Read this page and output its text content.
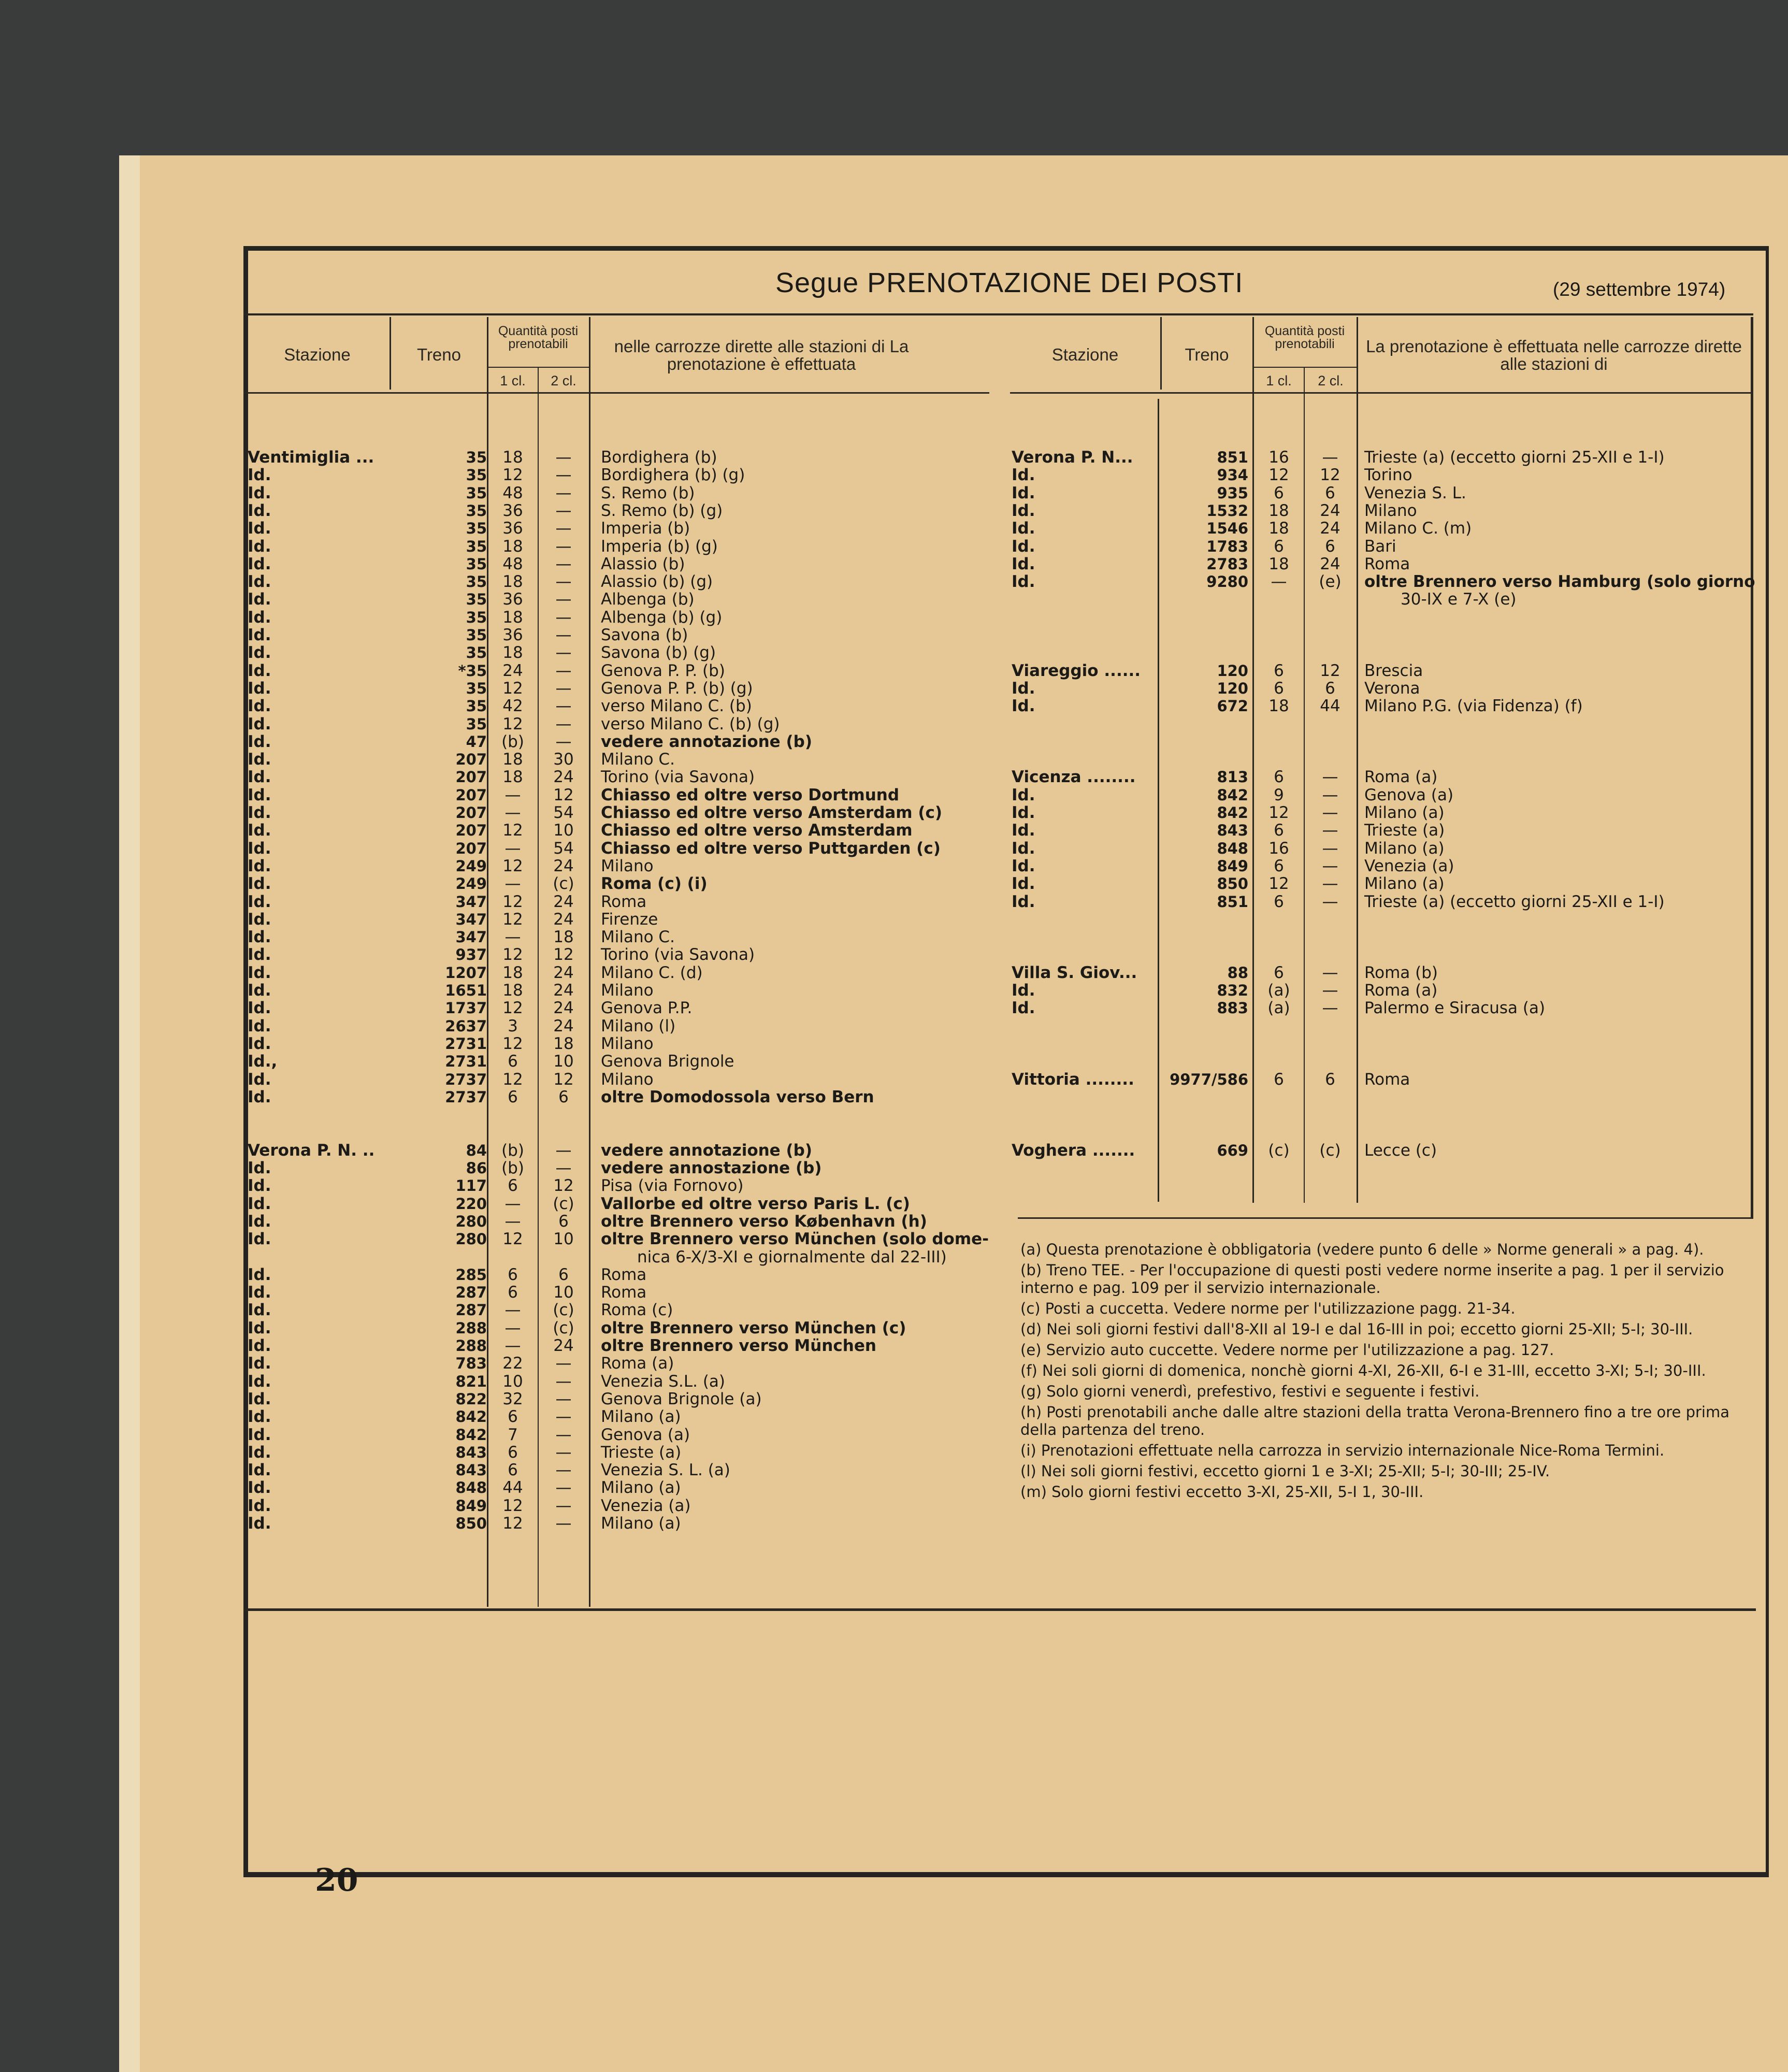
Segue PRENOTAZIONE DEI POSTI	(29 settembre 1974)
Stazione	Treno
Quantità posti prenotabili
1 cl.	2 cl.
nelle carrozze dirette alle stazioni di La prenotazione è effettuata	Stazione	Treno
Quantità posti prenotabili
1 cl.	2 cl.
La prenotazione è effettuata nelle carrozze dirette alle stazioni di
Ventimiglia ...	35 18	—	Bordighera (b)
Id.	35 12	—	Bordighera (b) (g)
Id.	35 48	—	S. Remo (b)
Id.	35 36	—	S. Remo (b) (g)
Id.	35 36	—	Imperia (b)
Id.	35 18	—	Imperia (b) (g)
Id.	35 48	—	Alassio (b)
Id.	35 18	—	Alassio (b) (g)
Id.	35 36	—	Albenga (b)
Id.	35 18	—	Albenga (b) (g)
Id.	35 36	—	Savona (b)
Id.	35 18	—	Savona (b) (g)
Id.	*35 24	—	Genova P. P. (b)
Id.	35 12	—	Genova P. P. (b) (g)
Id.	35 42	—	verso Milano C. (b)
Id.	35 12	—	verso Milano C. (b) (g)
Id.	47 (b)	—	vedere annotazione (b)
Id.	207 18	30	Milano C.
Id.	207 18	24	Torino (via Savona)
Id.	207	—	12	Chiasso ed oltre verso Dortmund
Id.	207	—	54	Chiasso ed oltre verso Amsterdam (c)
Id.	207 12	10	Chiasso ed oltre verso Amsterdam
Id.	207	—	54	Chiasso ed oltre verso Puttgarden (c)
Id.	249 12	24	Milano
Id.	249	—	(c)	Roma (c) (i)
Id.	347 12	24	Roma
Id.	347 12	24	Firenze
Id.	347	—	18	Milano C.
Id.	937 12	12	Torino (via Savona)
Id.	1207 18	24	Milano C. (d)
Id.	1651 18	24	Milano
Id.	1737 12	24	Genova P.P.
Id.	2637	3	24	Milano (l)
Id.	2731 12	18	Milano
Id.,	2731	6	10	Genova Brignole
Id.	2737 12	12	Milano
Id.	2737	6	6	oltre Domodossola verso Bern
Verona P. N. ..	84 (b)	—	vedere annotazione (b)
Id.	86 (b)	—	vedere annostazione (b)
Id.	117	6	12	Pisa (via Fornovo)
Id.	220	—	(c)	Vallorbe ed oltre verso Paris L. (c)
Id.	280	—	6	oltre Brennero verso København (h)
Id.	280 12	10	oltre Brennero verso München (solo dome-
nica 6-X/3-XI e giornalmente dal 22-III)
Id.	285	6	6	Roma
Id.	287	6	10	Roma
Id.	287	—	(c)	Roma (c)
Id.	288	—	(c)	oltre Brennero verso München (c)
Id.	288	—	24	oltre Brennero verso München
Id.	783 22	—	Roma (a)
Id.	821 10	—	Venezia S.L. (a)
Id.	822 32	—	Genova Brignole (a)
Id.	842	6	—	Milano (a)
Id.	842	7	—	Genova (a)
Id.	843	6	—	Trieste (a)
Id.	843	6	—	Venezia S. L. (a)
Id.	848 44	—	Milano (a)
Id.	849 12	—	Venezia (a)
Id.	850 12	—	Milano (a)
Verona P. N...	851	16	—	Trieste (a) (eccetto giorni 25-XII e 1-I)
Id.	934	12	12	Torino
Id.	935	6	6	Venezia S. L.
Id.	1532	18	24	Milano
Id.	1546	18	24	Milano C. (m)
Id.	1783	6	6	Bari
Id.	2783	18	24	Roma
Id.	9280	—	(e)	oltre Brennero verso Hamburg (solo giorno
30-IX e 7-X (e)
Viareggio ......	120	6	12	Brescia
Id.	120	6	6	Verona
Id.	672	18	44	Milano P.G. (via Fidenza) (f)
Vicenza ........	813	6	—	Roma (a)
Id.	842	9	—	Genova (a)
Id.	842	12	—	Milano (a)
Id.	843	6	—	Trieste (a)
Id.	848	16	—	Milano (a)
Id.	849	6	—	Venezia (a)
Id.	850	12	—	Milano (a)
Id.	851	6	—	Trieste (a) (eccetto giorni 25-XII e 1-I)
Villa S. Giov...	88	6	—	Roma (b)
Id.	832	(a)	—	Roma (a)
Id.	883	(a)	—	Palermo e Siracusa (a)
Vittoria ........ 9977/586	6	6	Roma
Voghera .......	669	(c)	(c)	Lecce (c)
(a) Questa prenotazione è obbligatoria (vedere punto 6 delle » Norme generali » a pag. 4).
(b) Treno TEE. - Per l'occupazione di questi posti vedere norme inserite a pag. 1 per il servizio interno e pag. 109 per il servizio internazionale.
(c) Posti a cuccetta. Vedere norme per l'utilizzazione pagg. 21-34.
(d) Nei soli giorni festivi dall'8-XII al 19-I e dal 16-III in poi; eccetto giorni 25-XII; 5-I; 30-III.
(e) Servizio auto cuccette. Vedere norme per l'utilizzazione a pag. 127.
(f) Nei soli giorni di domenica, nonchè giorni 4-XI, 26-XII, 6-I e 31-III, eccetto 3-XI; 5-I; 30-III.
(g) Solo giorni venerdì, prefestivo, festivi e seguente i festivi.
(h) Posti prenotabili anche dalle altre stazioni della tratta Verona-Brennero fino a tre ore prima della partenza del treno.
(i) Prenotazioni effettuate nella carrozza in servizio internazionale Nice-Roma Termini.
(l) Nei soli giorni festivi, eccetto giorni 1 e 3-XI; 25-XII; 5-I; 30-III; 25-IV.
(m) Solo giorni festivi eccetto 3-XI, 25-XII, 5-I 1, 30-III.
20
